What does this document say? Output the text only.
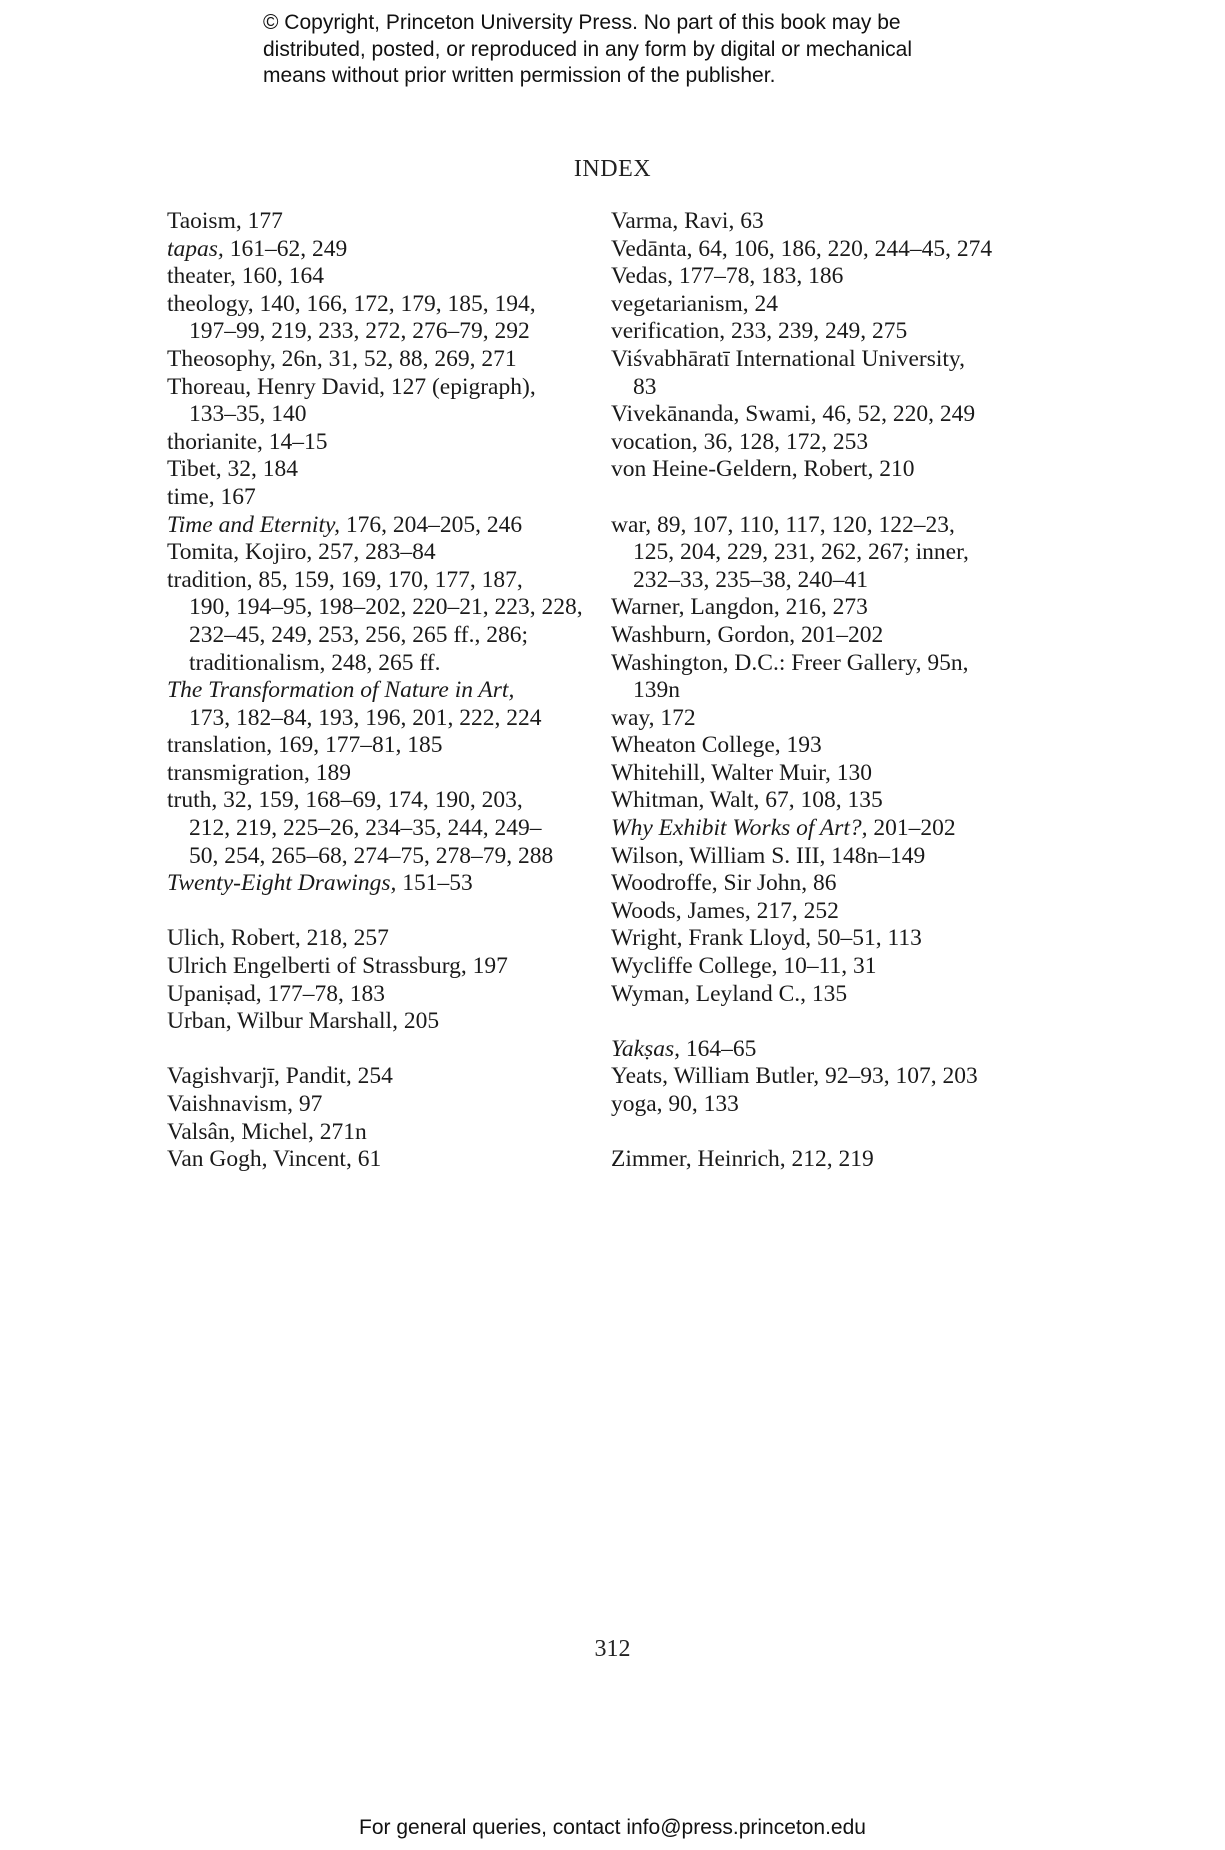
© Copyright, Princeton University Press. No part of this book may be
distributed, posted, or reproduced in any form by digital or mechanical
means without prior written permission of the publisher.
INDEX
Taoism, 177
tapas, 161–62, 249
theater, 160, 164
theology, 140, 166, 172, 179, 185, 194,
197–99, 219, 233, 272, 276–79, 292
Theosophy, 26n, 31, 52, 88, 269, 271
Thoreau, Henry David, 127 (epigraph),
133–35, 140
thorianite, 14–15
Tibet, 32, 184
time, 167
Time and Eternity, 176, 204–205, 246
Tomita, Kojiro, 257, 283–84
tradition, 85, 159, 169, 170, 177, 187,
190, 194–95, 198–202, 220–21, 223, 228,
232–45, 249, 253, 256, 265 ff., 286;
traditionalism, 248, 265 ff.
The Transformation of Nature in Art,
173, 182–84, 193, 196, 201, 222, 224
translation, 169, 177–81, 185
transmigration, 189
truth, 32, 159, 168–69, 174, 190, 203,
212, 219, 225–26, 234–35, 244, 249–
50, 254, 265–68, 274–75, 278–79, 288
Twenty-Eight Drawings, 151–53
Ulich, Robert, 218, 257
Ulrich Engelberti of Strassburg, 197
Upaniṣad, 177–78, 183
Urban, Wilbur Marshall, 205
Vagishvarjī, Pandit, 254
Vaishnavism, 97
Valsân, Michel, 271n
Van Gogh, Vincent, 61
Varma, Ravi, 63
Vedānta, 64, 106, 186, 220, 244–45, 274
Vedas, 177–78, 183, 186
vegetarianism, 24
verification, 233, 239, 249, 275
Viśvabhāratī International University,
83
Vivekānanda, Swami, 46, 52, 220, 249
vocation, 36, 128, 172, 253
von Heine-Geldern, Robert, 210
war, 89, 107, 110, 117, 120, 122–23,
125, 204, 229, 231, 262, 267; inner,
232–33, 235–38, 240–41
Warner, Langdon, 216, 273
Washburn, Gordon, 201–202
Washington, D.C.: Freer Gallery, 95n,
139n
way, 172
Wheaton College, 193
Whitehill, Walter Muir, 130
Whitman, Walt, 67, 108, 135
Why Exhibit Works of Art?, 201–202
Wilson, William S. III, 148n–149
Woodroffe, Sir John, 86
Woods, James, 217, 252
Wright, Frank Lloyd, 50–51, 113
Wycliffe College, 10–11, 31
Wyman, Leyland C., 135
Yakṣas, 164–65
Yeats, William Butler, 92–93, 107, 203
yoga, 90, 133
Zimmer, Heinrich, 212, 219
312
For general queries, contact info@press.princeton.edu
